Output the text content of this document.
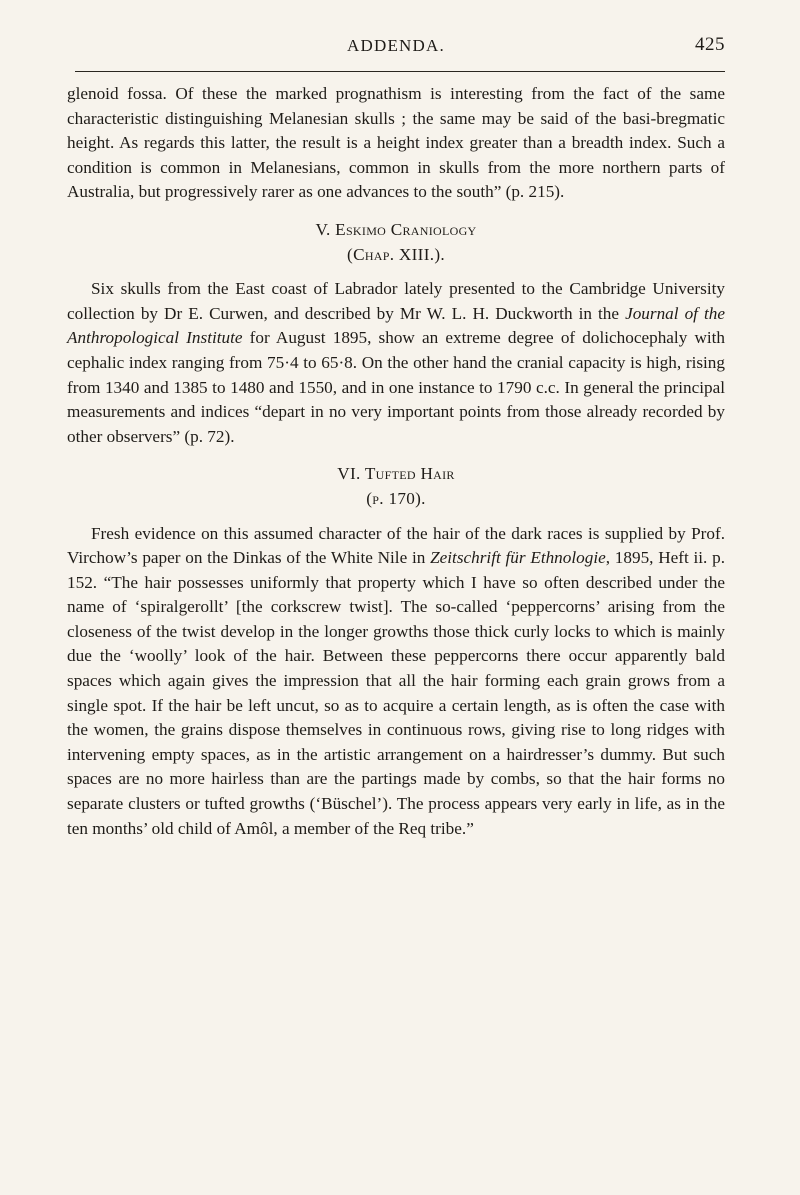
ADDENDA.	425

glenoid fossa. Of these the marked prognathism is interesting from the fact of the same characteristic distinguishing Melanesian skulls ; the same may be said of the basi-bregmatic height. As regards this latter, the result is a height index greater than a breadth index. Such a condition is common in Melanesians, common in skulls from the more northern parts of Australia, but progressively rarer as one advances to the south” (p. 215).

V. Eskimo Craniology
(Chap. XIII.).

Six skulls from the East coast of Labrador lately presented to the Cambridge University collection by Dr E. Curwen, and described by Mr W. L. H. Duckworth in the Journal of the Anthropological Institute for August 1895, show an extreme degree of dolichocephaly with cephalic index ranging from 75·4 to 65·8. On the other hand the cranial capacity is high, rising from 1340 and 1385 to 1480 and 1550, and in one instance to 1790 c.c. In general the principal measurements and indices “depart in no very important points from those already recorded by other observers” (p. 72).

VI. Tufted Hair
(p. 170).

Fresh evidence on this assumed character of the hair of the dark races is supplied by Prof. Virchow’s paper on the Dinkas of the White Nile in Zeitschrift für Ethnologie, 1895, Heft ii. p. 152. “The hair possesses uniformly that property which I have so often described under the name of ‘spiralgerollt’ [the corkscrew twist]. The so-called ‘peppercorns’ arising from the closeness of the twist develop in the longer growths those thick curly locks to which is mainly due the ‘woolly’ look of the hair. Between these peppercorns there occur apparently bald spaces which again gives the impression that all the hair forming each grain grows from a single spot. If the hair be left uncut, so as to acquire a certain length, as is often the case with the women, the grains dispose themselves in continuous rows, giving rise to long ridges with intervening empty spaces, as in the artistic arrangement on a hairdresser’s dummy. But such spaces are no more hairless than are the partings made by combs, so that the hair forms no separate clusters or tufted growths (‘Büschel’). The process appears very early in life, as in the ten months’ old child of Amôl, a member of the Req tribe.”
